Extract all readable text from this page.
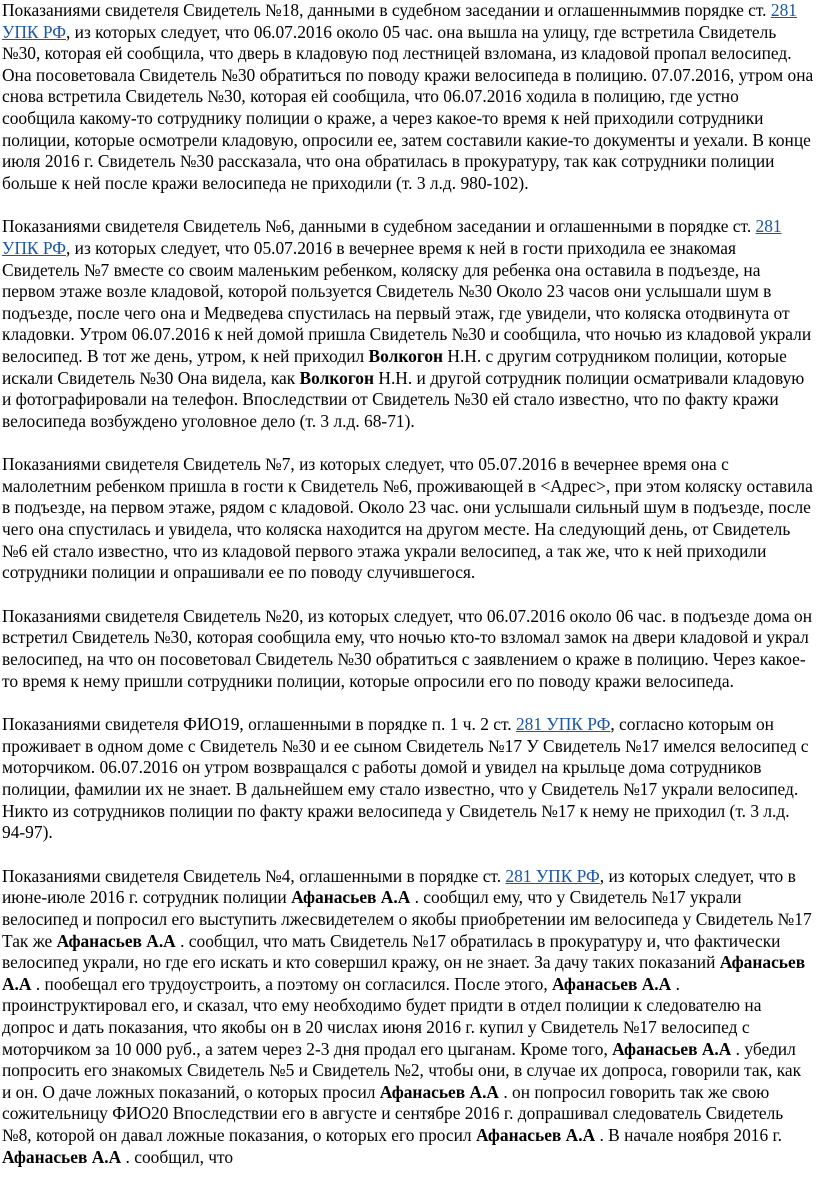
Показаниями свидетеля Свидетель №18, данными в судебном заседании и оглашенныммив порядке ст. 281 УПК РФ, из которых следует, что 06.07.2016 около 05 час. она вышла на улицу, где встретила Свидетель №30, которая ей сообщила, что дверь в кладовую под лестницей взломана, из кладовой пропал велосипед. Она посоветовала Свидетель №30 обратиться по поводу кражи велосипеда в полицию. 07.07.2016, утром она снова встретила Свидетель №30, которая ей сообщила, что 06.07.2016 ходила в полицию, где устно сообщила какому-то сотруднику полиции о краже, а через какое-то время к ней приходили сотрудники полиции, которые осмотрели кладовую, опросили ее, затем составили какие-то документы и уехали. В конце июля 2016 г. Свидетель №30 рассказала, что она обратилась в прокуратуру, так как сотрудники полиции больше к ней после кражи велосипеда не приходили (т. 3 л.д. 980-102).

Показаниями свидетеля Свидетель №6, данными в судебном заседании и оглашенными в порядке ст. 281 УПК РФ, из которых следует, что 05.07.2016 в вечернее время к ней в гости приходила ее знакомая Свидетель №7 вместе со своим маленьким ребенком, коляску для ребенка она оставила в подъезде, на первом этаже возле кладовой, которой пользуется Свидетель №30 Около 23 часов они услышали шум в подъезде, после чего она и Медведева спустилась на первый этаж, где увидели, что коляска отодвинута от кладовки. Утром 06.07.2016 к ней домой пришла Свидетель №30 и сообщила, что ночью из кладовой украли велосипед. В тот же день, утром, к ней приходил Волкогон Н.Н. с другим сотрудником полиции, которые искали Свидетель №30 Она видела, как Волкогон Н.Н. и другой сотрудник полиции осматривали кладовую и фотографировали на телефон. Впоследствии от Свидетель №30 ей стало известно, что по факту кражи велосипеда возбуждено уголовное дело (т. 3 л.д. 68-71).

Показаниями свидетеля Свидетель №7, из которых следует, что 05.07.2016 в вечернее время она с малолетним ребенком пришла в гости к Свидетель №6, проживающей в <Адрес>, при этом коляску оставила в подъезде, на первом этаже, рядом с кладовой. Около 23 час. они услышали сильный шум в подъезде, после чего она спустилась и увидела, что коляска находится на другом месте. На следующий день, от Свидетель №6 ей стало известно, что из кладовой первого этажа украли велосипед, а так же, что к ней приходили сотрудники полиции и опрашивали ее по поводу случившегося.

Показаниями свидетеля Свидетель №20, из которых следует, что 06.07.2016 около 06 час. в подъезде дома он встретил Свидетель №30, которая сообщила ему, что ночью кто-то взломал замок на двери кладовой и украл велосипед, на что он посоветовал Свидетель №30 обратиться с заявлением о краже в полицию. Через какое-то время к нему пришли сотрудники полиции, которые опросили его по поводу кражи велосипеда.

Показаниями свидетеля ФИО19, оглашенными в порядке п. 1 ч. 2 ст. 281 УПК РФ, согласно которым он проживает в одном доме с Свидетель №30 и ее сыном Свидетель №17 У Свидетель №17 имелся велосипед с моторчиком. 06.07.2016 он утром возвращался с работы домой и увидел на крыльце дома сотрудников полиции, фамилии их не знает. В дальнейшем ему стало известно, что у Свидетель №17 украли велосипед. Никто из сотрудников полиции по факту кражи велосипеда у Свидетель №17 к нему не приходил (т. 3 л.д. 94-97).

Показаниями свидетеля Свидетель №4, оглашенными в порядке ст. 281 УПК РФ, из которых следует, что в июне-июле 2016 г. сотрудник полиции Афанасьев А.А . сообщил ему, что у Свидетель №17 украли велосипед и попросил его выступить лжесвидетелем о якобы приобретении им велосипеда у Свидетель №17 Так же Афанасьев А.А . сообщил, что мать Свидетель №17 обратилась в прокуратуру и, что фактически велосипед украли, но где его искать и кто совершил кражу, он не знает. За дачу таких показаний Афанасьев А.А . пообещал его трудоустроить, а поэтому он согласился. После этого, Афанасьев А.А . проинструктировал его, и сказал, что ему необходимо будет придти в отдел полиции к следователю на допрос и дать показания, что якобы он в 20 числах июня 2016 г. купил у Свидетель №17 велосипед с моторчиком за 10 000 руб., а затем через 2-3 дня продал его цыганам. Кроме того, Афанасьев А.А . убедил попросить его знакомых Свидетель №5 и Свидетель №2, чтобы они, в случае их допроса, говорили так, как и он. О даче ложных показаний, о которых просил Афанасьев А.А . он попросил говорить так же свою сожительницу ФИО20 Впоследствии его в августе и сентябре 2016 г. допрашивал следователь Свидетель №8, которой он давал ложные показания, о которых его просил Афанасьев А.А . В начале ноября 2016 г. Афанасьев А.А . сообщил, что
